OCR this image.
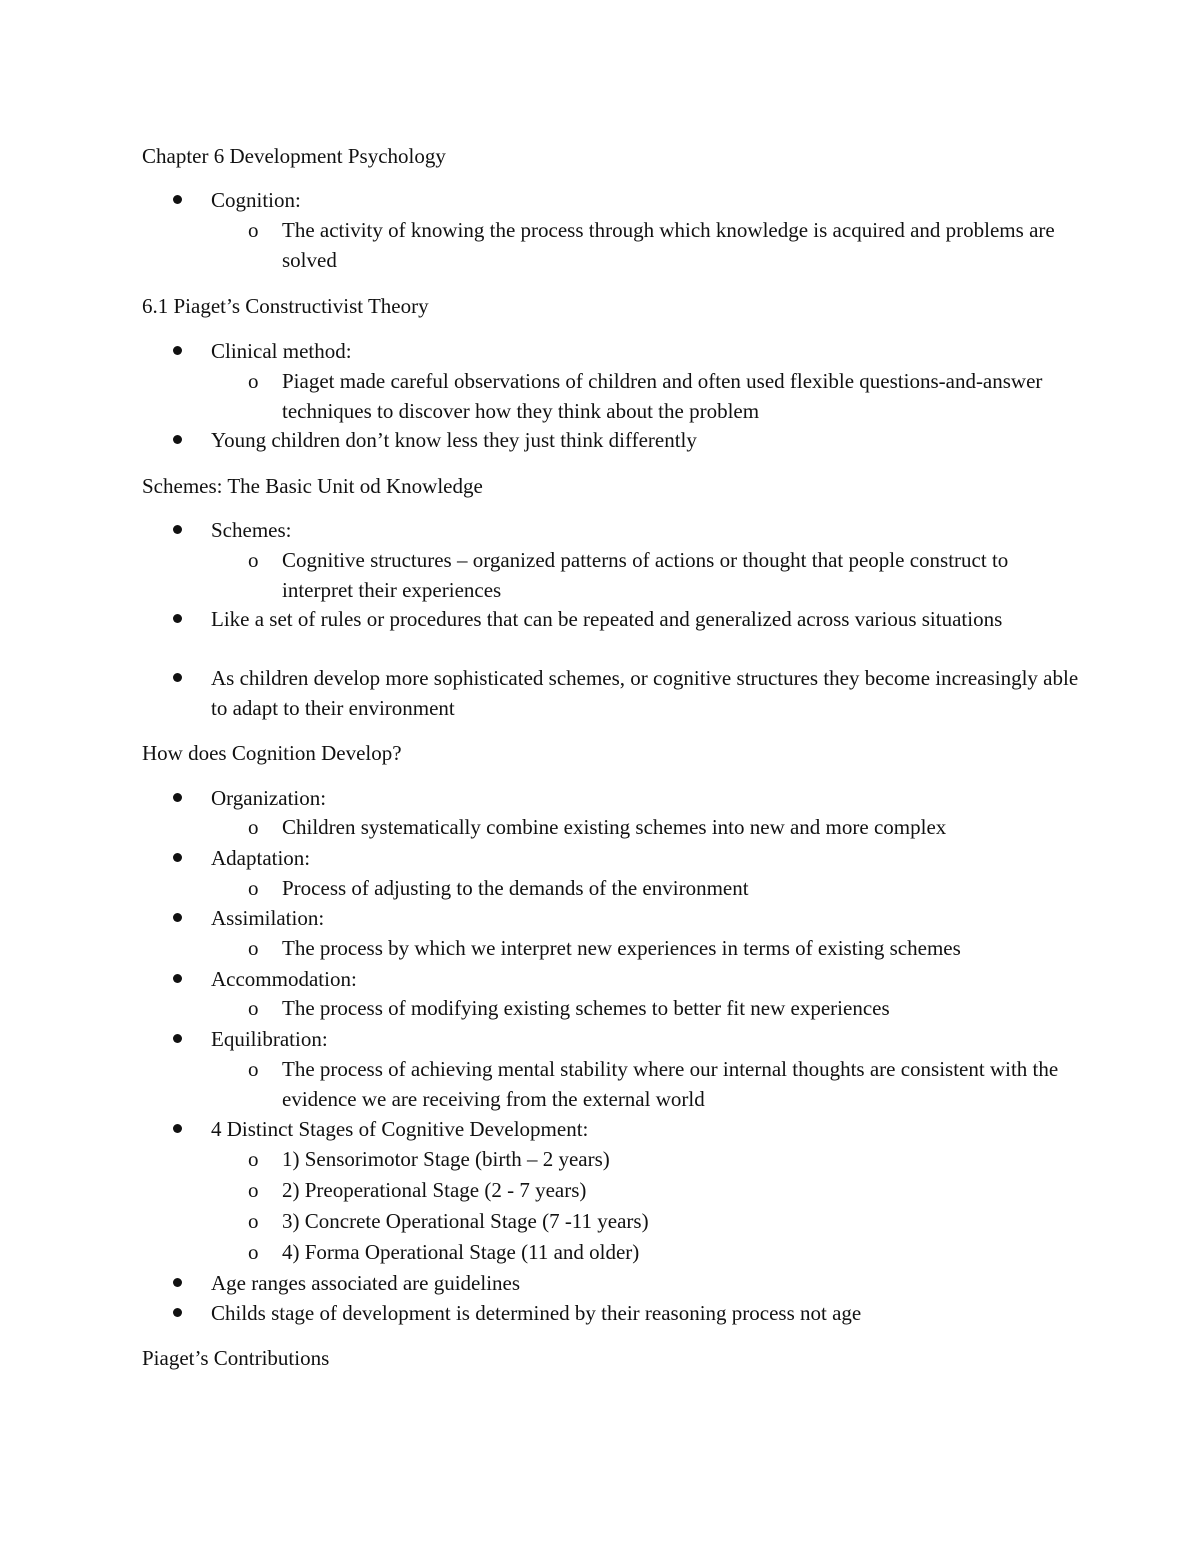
Chapter 6 Development Psychology
Cognition:
o The activity of knowing the process through which knowledge is acquired and problems are solved
6.1 Piaget’s Constructivist Theory
Clinical method:
o Piaget made careful observations of children and often used flexible questions-and-answer techniques to discover how they think about the problem
Young children don’t know less they just think differently
Schemes: The Basic Unit od Knowledge
Schemes:
o Cognitive structures – organized patterns of actions or thought that people construct to interpret their experiences
Like a set of rules or procedures that can be repeated and generalized across various situations
As children develop more sophisticated schemes, or cognitive structures they become increasingly able to adapt to their environment
How does Cognition Develop?
Organization:
o Children systematically combine existing schemes into new and more complex
Adaptation:
o Process of adjusting to the demands of the environment
Assimilation:
o The process by which we interpret new experiences in terms of existing schemes
Accommodation:
o The process of modifying existing schemes to better fit new experiences
Equilibration:
o The process of achieving mental stability where our internal thoughts are consistent with the evidence we are receiving from the external world
4 Distinct Stages of Cognitive Development:
o 1) Sensorimotor Stage (birth – 2 years)
o 2) Preoperational Stage (2 - 7 years)
o 3) Concrete Operational Stage (7 -11 years)
o 4) Forma Operational Stage (11 and older)
Age ranges associated are guidelines
Childs stage of development is determined by their reasoning process not age
Piaget’s Contributions
